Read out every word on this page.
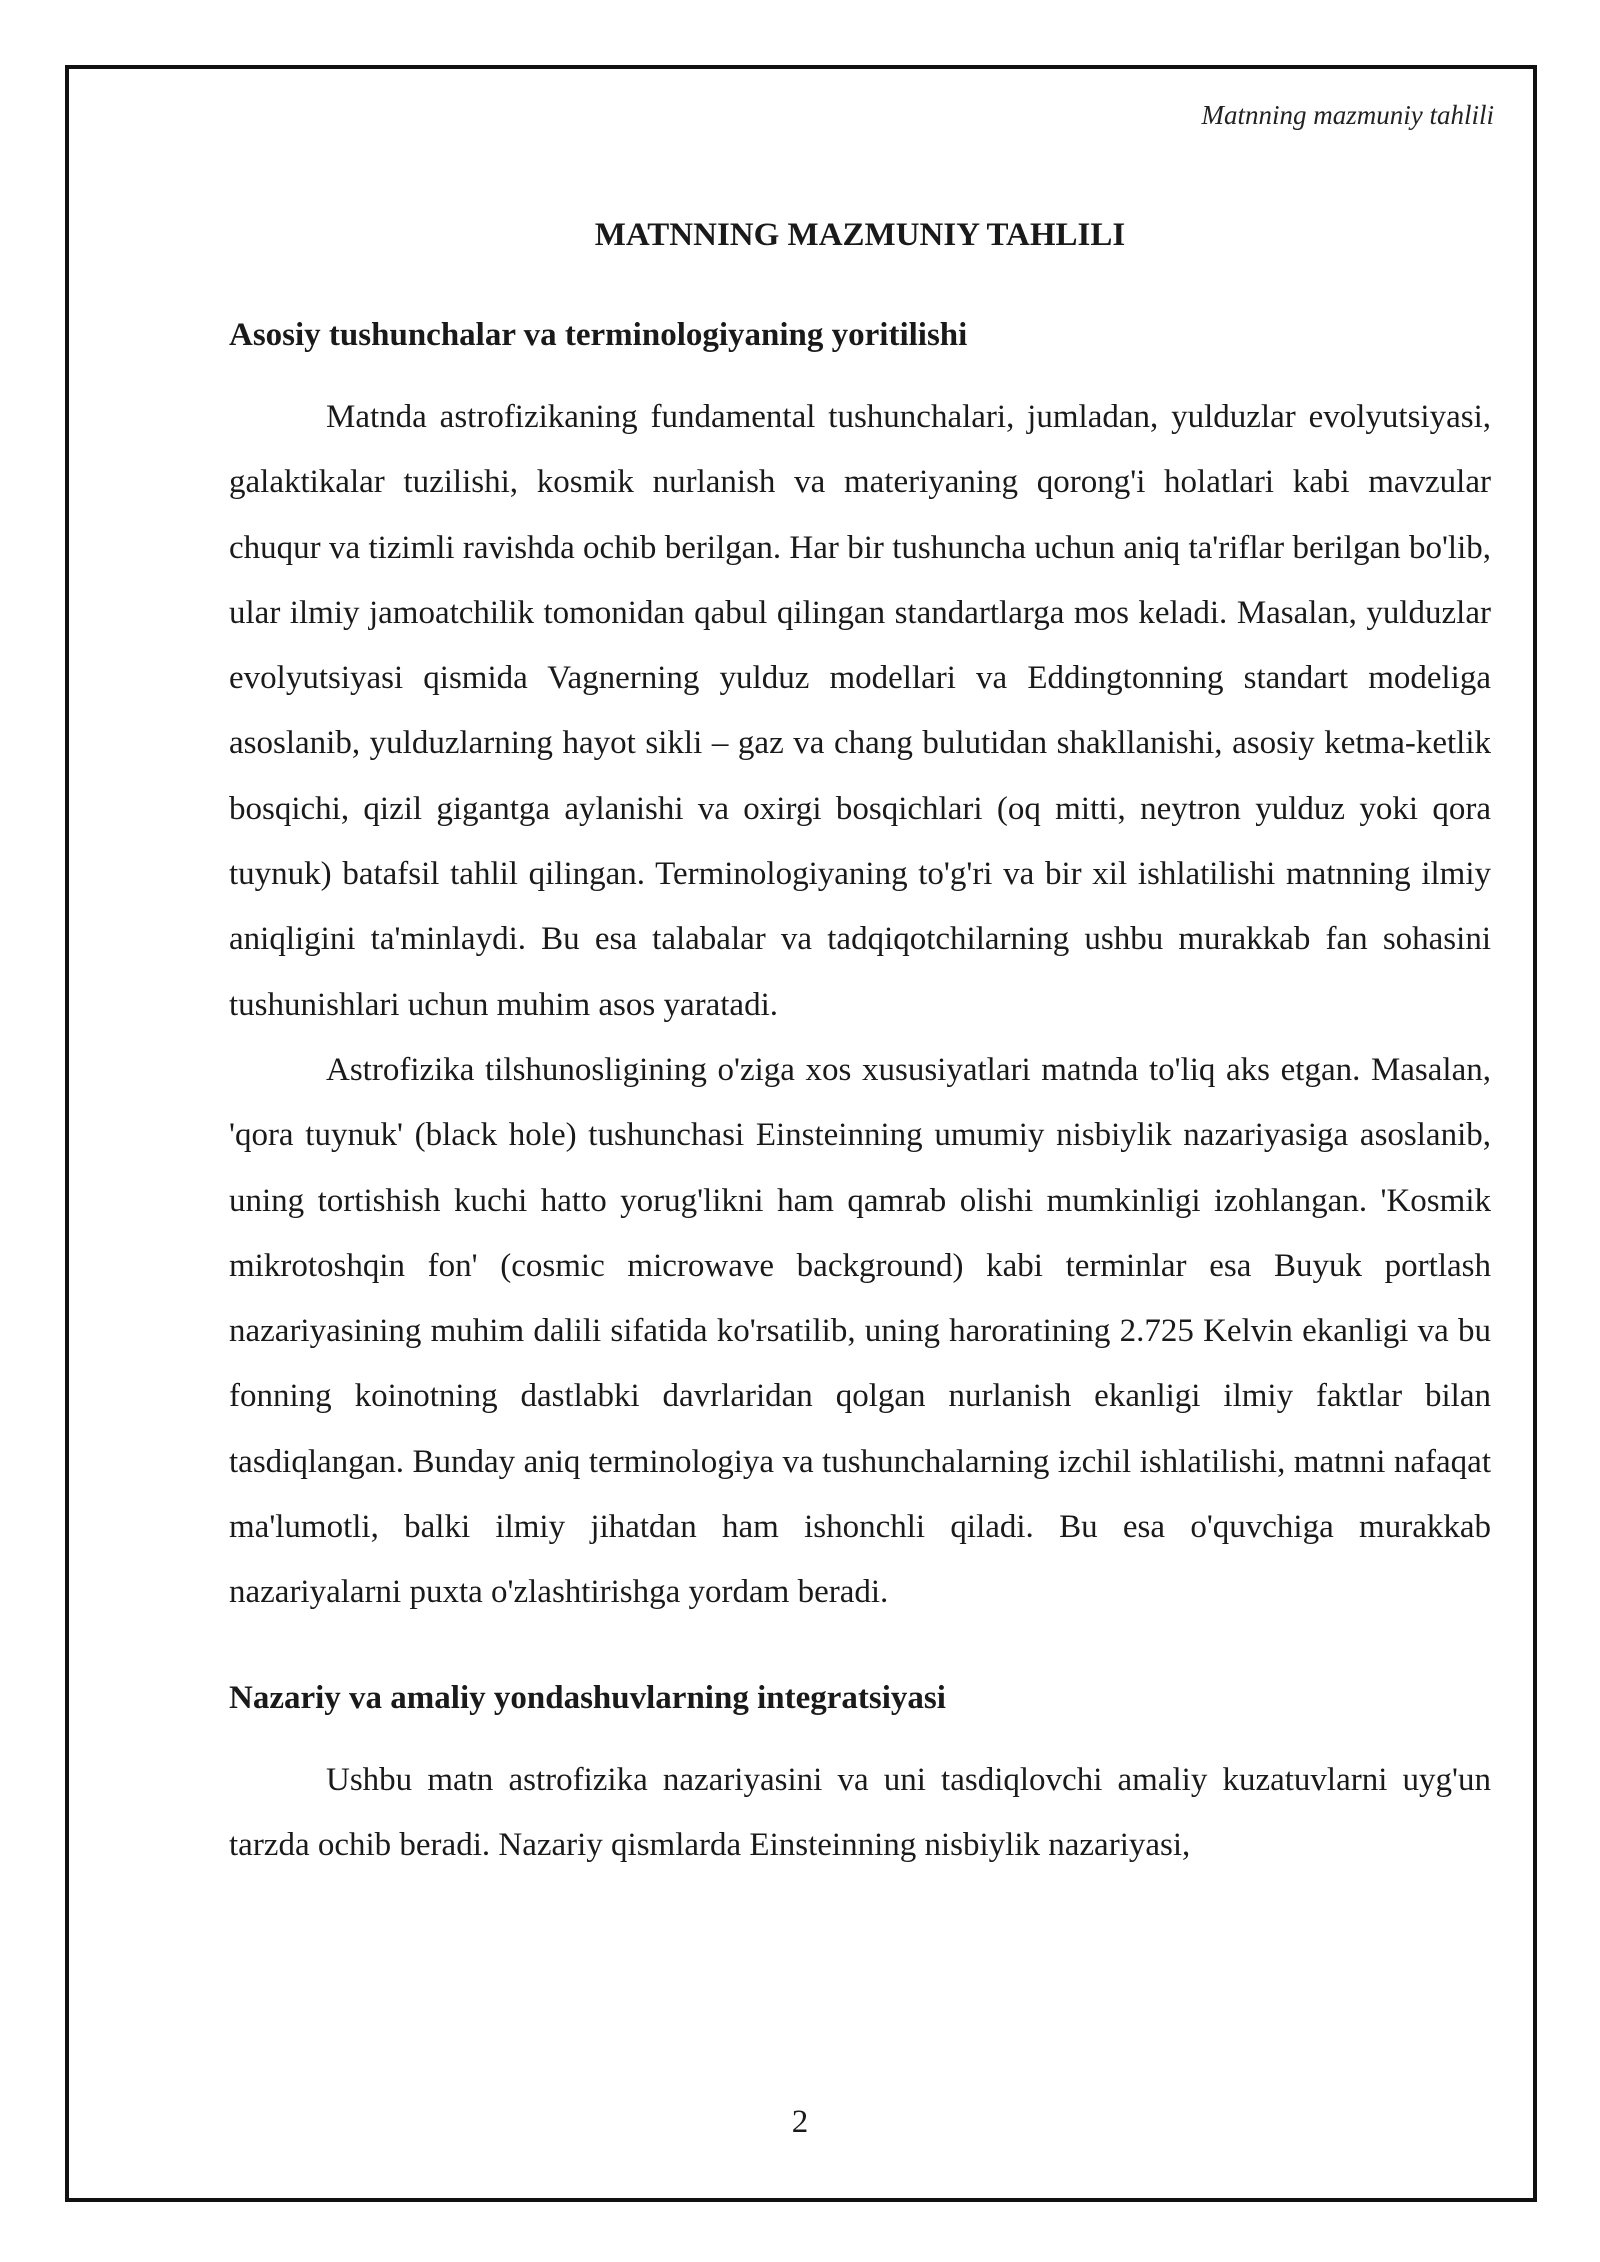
Matnning mazmuniy tahlili
MATNNING MAZMUNIY TAHLILI
Asosiy tushunchalar va terminologiyaning yoritilishi

Matnda astrofizikaning fundamental tushunchalari, jumladan, yulduzlar evolyutsiyasi, galaktikalar tuzilishi, kosmik nurlanish va materiyaning qorong'i holatlari kabi mavzular chuqur va tizimli ravishda ochib berilgan. Har bir tushuncha uchun aniq ta'riflar berilgan bo'lib, ular ilmiy jamoatchilik tomonidan qabul qilingan standartlarga mos keladi. Masalan, yulduzlar evolyutsiyasi qismida Vagnerning yulduz modellari va Eddingtonning standart modeliga asoslanib, yulduzlarning hayot sikli – gaz va chang bulutidan shakllanishi, asosiy ketma-ketlik bosqichi, qizil gigantga aylanishi va oxirgi bosqichlari (oq mitti, neytron yulduz yoki qora tuynuk) batafsil tahlil qilingan. Terminologiyaning to'g'ri va bir xil ishlatilishi matnning ilmiy aniqligini ta'minlaydi. Bu esa talabalar va tadqiqotchilarning ushbu murakkab fan sohasini tushunishlari uchun muhim asos yaratadi.

Astrofizika tilshunosligining o'ziga xos xususiyatlari matnda to'liq aks etgan. Masalan, 'qora tuynuk' (black hole) tushunchasi Einsteinning umumiy nisbiylik nazariyasiga asoslanib, uning tortishish kuchi hatto yorug'likni ham qamrab olishi mumkinligi izohlangan. 'Kosmik mikrotoshqin fon' (cosmic microwave background) kabi terminlar esa Buyuk portlash nazariyasining muhim dalili sifatida ko'rsatilib, uning haroratining 2.725 Kelvin ekanligi va bu fonning koinotning dastlabki davrlaridan qolgan nurlanish ekanligi ilmiy faktlar bilan tasdiqlangan. Bunday aniq terminologiya va tushunchalarning izchil ishlatilishi, matnni nafaqat ma'lumotli, balki ilmiy jihatdan ham ishonchli qiladi. Bu esa o'quvchiga murakkab nazariyalarni puxta o'zlashtirishga yordam beradi.

Nazariy va amaliy yondashuvlarning integratsiyasi

Ushbu matn astrofizika nazariyasini va uni tasdiqlovchi amaliy kuzatuvlarni uyg'un tarzda ochib beradi. Nazariy qismlarda Einsteinning nisbiylik nazariyasi,

2
